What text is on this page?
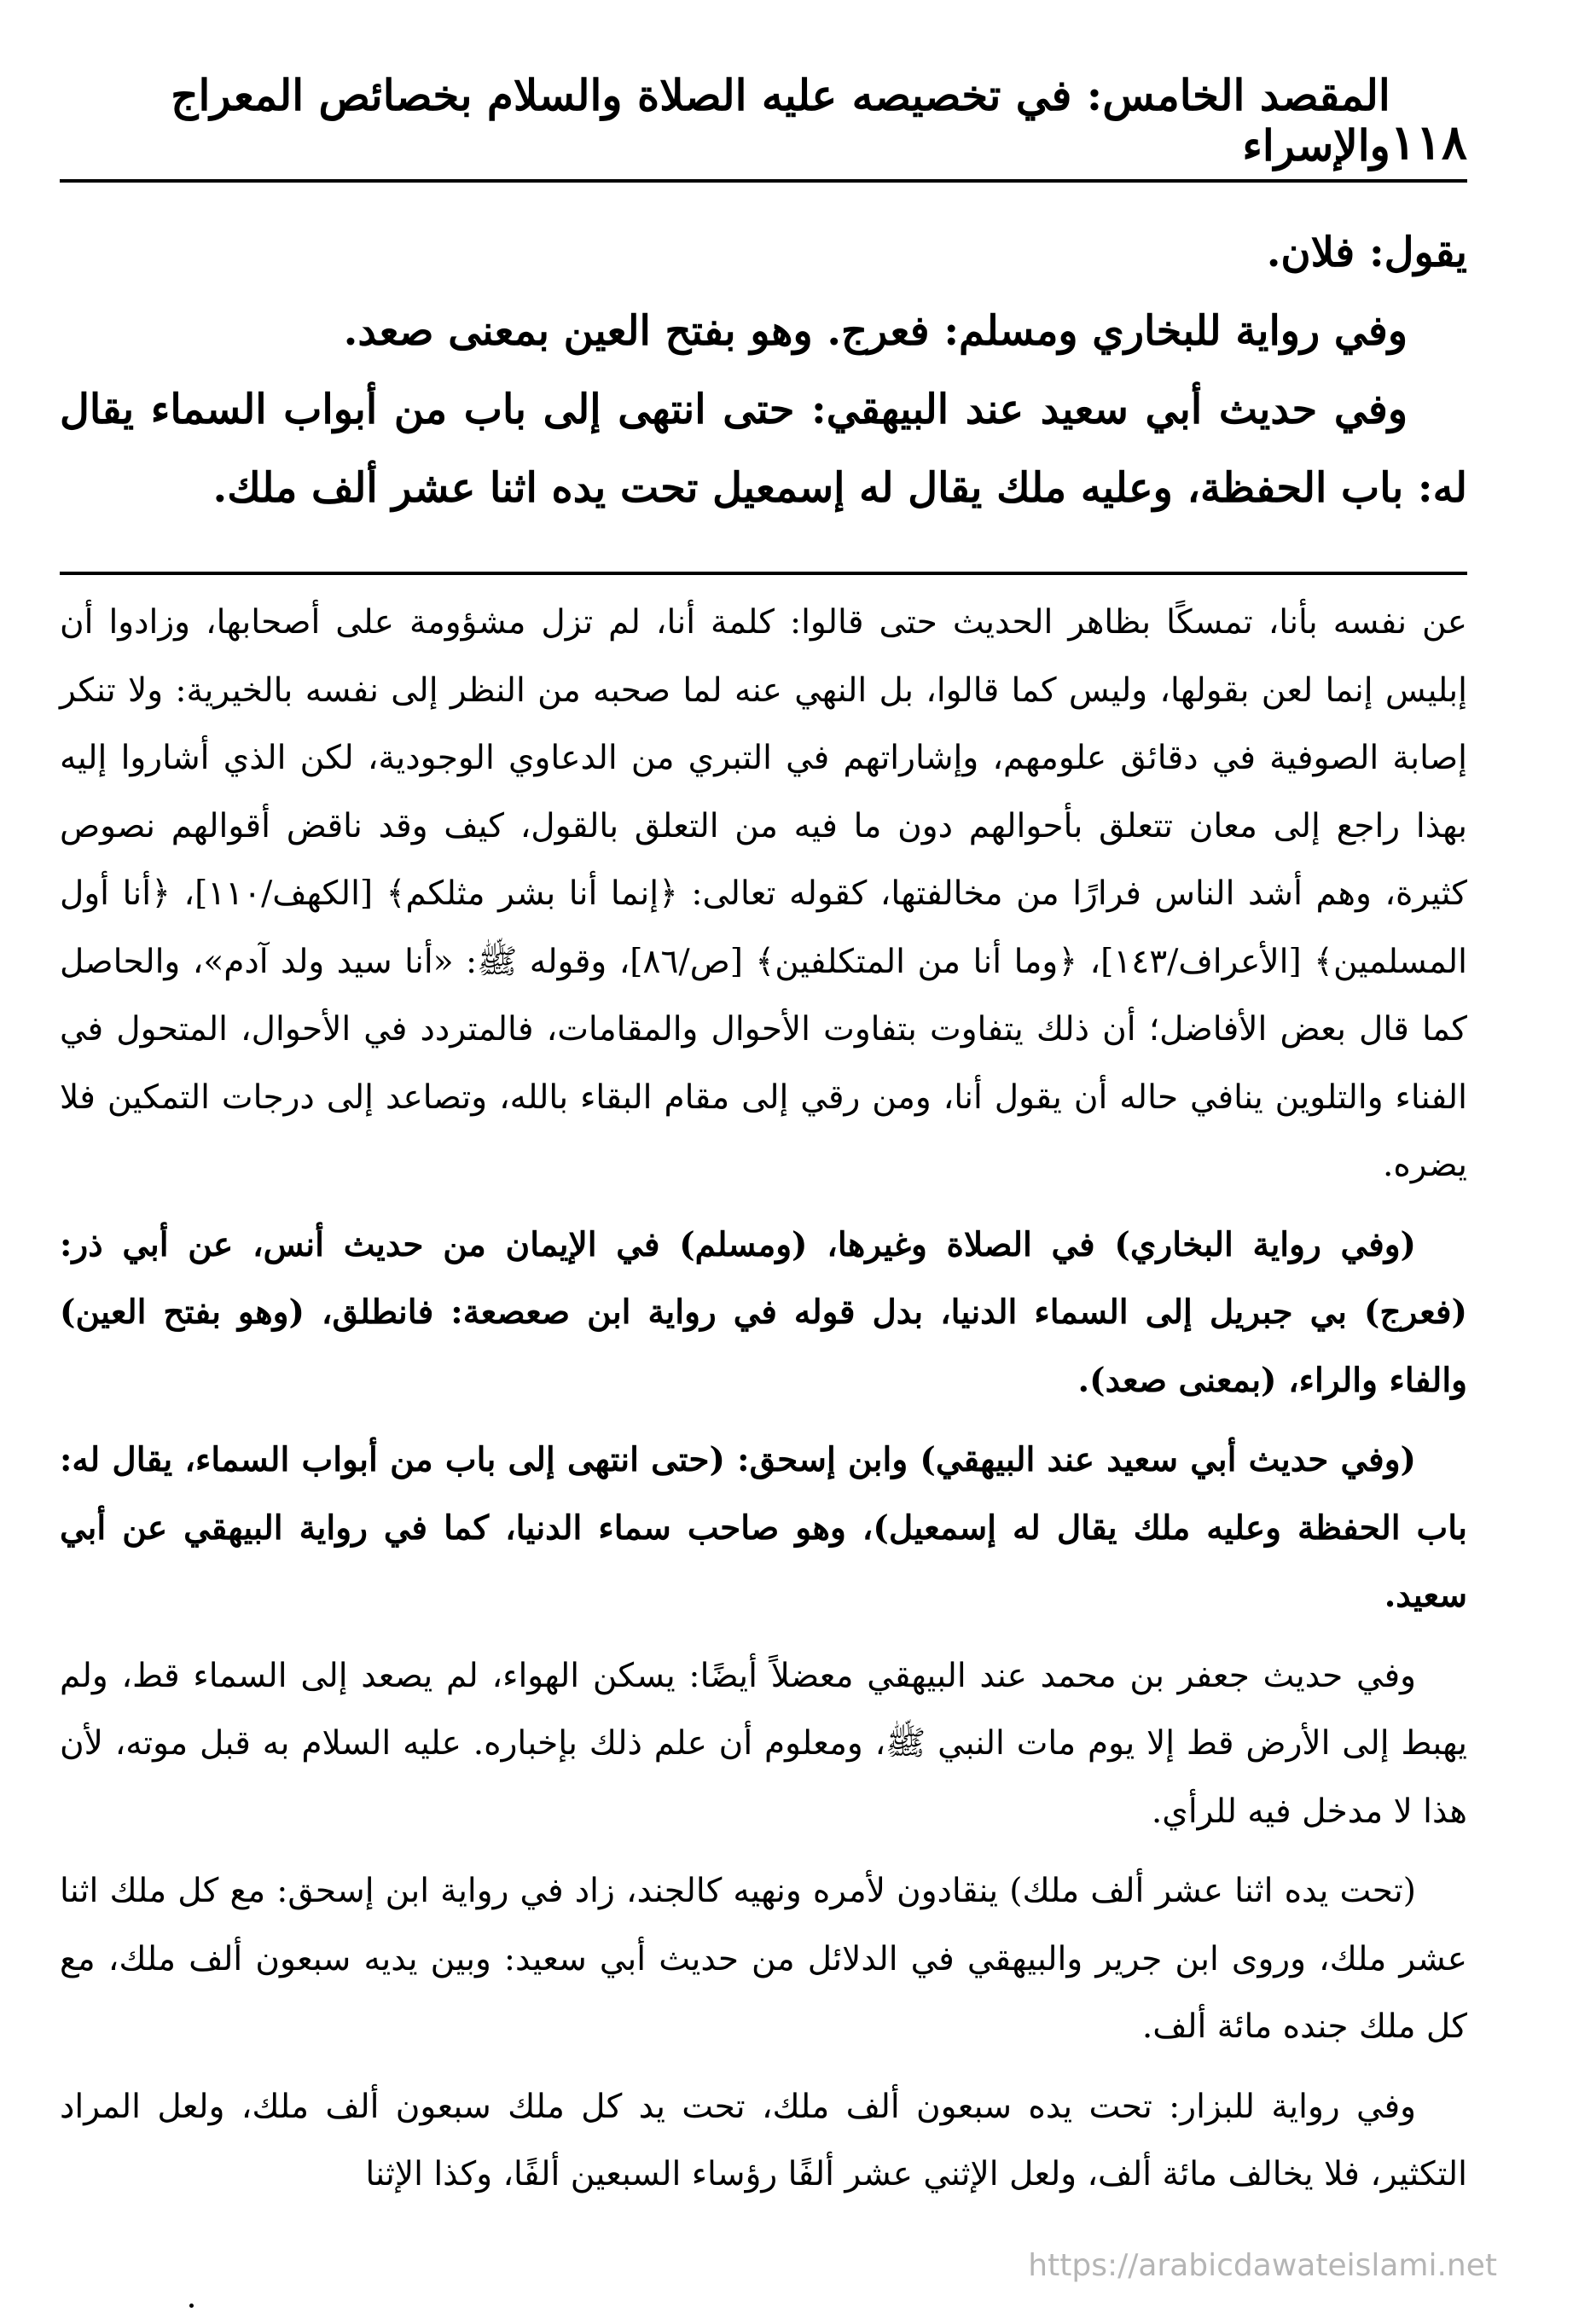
١١٨
المقصد الخامس: في تخصيصه عليه الصلاة والسلام بخصائص المعراج والإسراء

يقول: فلان.

وفي رواية للبخاري ومسلم: فعرج. وهو بفتح العين بمعنى صعد.

وفي حديث أبي سعيد عند البيهقي: حتى انتهى إلى باب من أبواب السماء يقال له: باب الحفظة، وعليه ملك يقال له إسمعيل تحت يده اثنا عشر ألف ملك.

عن نفسه بأنا، تمسكًا بظاهر الحديث حتى قالوا: كلمة أنا، لم تزل مشؤومة على أصحابها، وزادوا أن إبليس إنما لعن بقولها، وليس كما قالوا، بل النهي عنه لما صحبه من النظر إلى نفسه بالخيرية: ولا تنكر إصابة الصوفية في دقائق علومهم، وإشاراتهم في التبري من الدعاوي الوجودية، لكن الذي أشاروا إليه بهذا راجع إلى معان تتعلق بأحوالهم دون ما فيه من التعلق بالقول، كيف وقد ناقض أقوالهم نصوص كثيرة، وهم أشد الناس فرارًا من مخالفتها، كقوله تعالى: ﴿إنما أنا بشر مثلكم﴾ [الكهف/١١٠]، ﴿أنا أول المسلمين﴾ [الأعراف/١٤٣]، ﴿وما أنا من المتكلفين﴾ [ص/٨٦]، وقوله ﷺ: «أنا سيد ولد آدم»، والحاصل كما قال بعض الأفاضل؛ أن ذلك يتفاوت بتفاوت الأحوال والمقامات، فالمتردد في الأحوال، المتحول في الفناء والتلوين ينافي حاله أن يقول أنا، ومن رقي إلى مقام البقاء بالله، وتصاعد إلى درجات التمكين فلا يضره.

(وفي رواية البخاري) في الصلاة وغيرها، (ومسلم) في الإيمان من حديث أنس، عن أبي ذر: (فعرج) بي جبريل إلى السماء الدنيا، بدل قوله في رواية ابن صعصعة: فانطلق، (وهو بفتح العين) والفاء والراء، (بمعنى صعد).

(وفي حديث أبي سعيد عند البيهقي) وابن إسحق: (حتى انتهى إلى باب من أبواب السماء، يقال له: باب الحفظة وعليه ملك يقال له إسمعيل)، وهو صاحب سماء الدنيا، كما في رواية البيهقي عن أبي سعيد.

وفي حديث جعفر بن محمد عند البيهقي معضلاً أيضًا: يسكن الهواء، لم يصعد إلى السماء قط، ولم يهبط إلى الأرض قط إلا يوم مات النبي ﷺ، ومعلوم أن علم ذلك بإخباره. عليه السلام به قبل موته، لأن هذا لا مدخل فيه للرأي.

(تحت يده اثنا عشر ألف ملك) ينقادون لأمره ونهيه كالجند، زاد في رواية ابن إسحق: مع كل ملك اثنا عشر ملك، وروى ابن جرير والبيهقي في الدلائل من حديث أبي سعيد: وبين يديه سبعون ألف ملك، مع كل ملك جنده مائة ألف.

وفي رواية للبزار: تحت يده سبعون ألف ملك، تحت يد كل ملك سبعون ألف ملك، ولعل المراد التكثير، فلا يخالف مائة ألف، ولعل الإثني عشر ألفًا رؤساء السبعين ألفًا، وكذا الإثنا

https://arabicdawateislami.net
